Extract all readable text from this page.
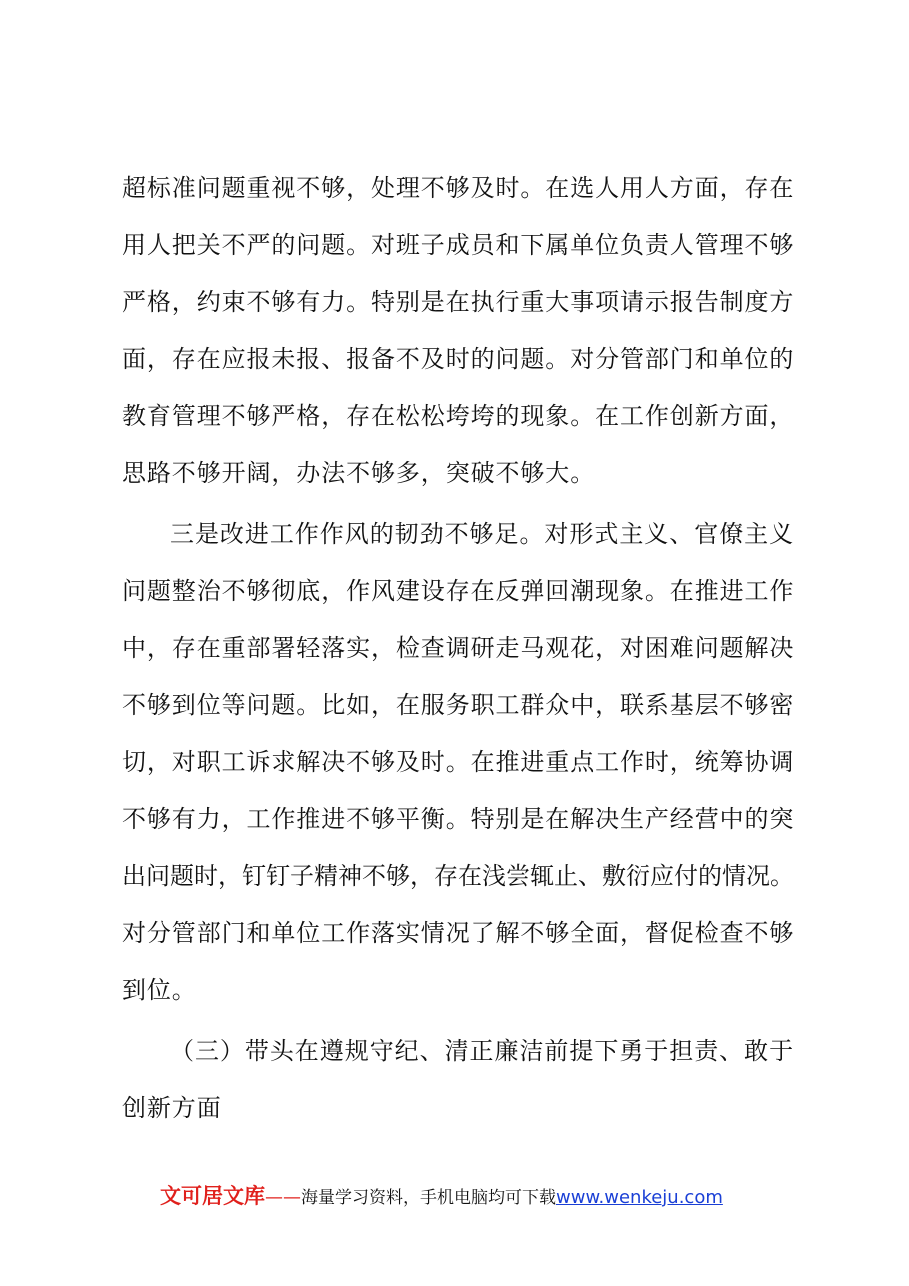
超标准问题重视不够，处理不够及时。在选人用人方面，存在
用人把关不严的问题。对班子成员和下属单位负责人管理不够
严格，约束不够有力。特别是在执行重大事项请示报告制度方
面，存在应报未报、报备不及时的问题。对分管部门和单位的
教育管理不够严格，存在松松垮垮的现象。在工作创新方面，
思路不够开阔，办法不够多，突破不够大。
三是改进工作作风的韧劲不够足。对形式主义、官僚主义
问题整治不够彻底，作风建设存在反弹回潮现象。在推进工作
中，存在重部署轻落实，检查调研走马观花，对困难问题解决
不够到位等问题。比如，在服务职工群众中，联系基层不够密
切，对职工诉求解决不够及时。在推进重点工作时，统筹协调
不够有力，工作推进不够平衡。特别是在解决生产经营中的突
出问题时，钉钉子精神不够，存在浅尝辄止、敷衍应付的情况。
对分管部门和单位工作落实情况了解不够全面，督促检查不够
到位。
（三）带头在遵规守纪、清正廉洁前提下勇于担责、敢于
创新方面
文可居文库——海量学习资料，手机电脑均可下载www.wenkeju.com
